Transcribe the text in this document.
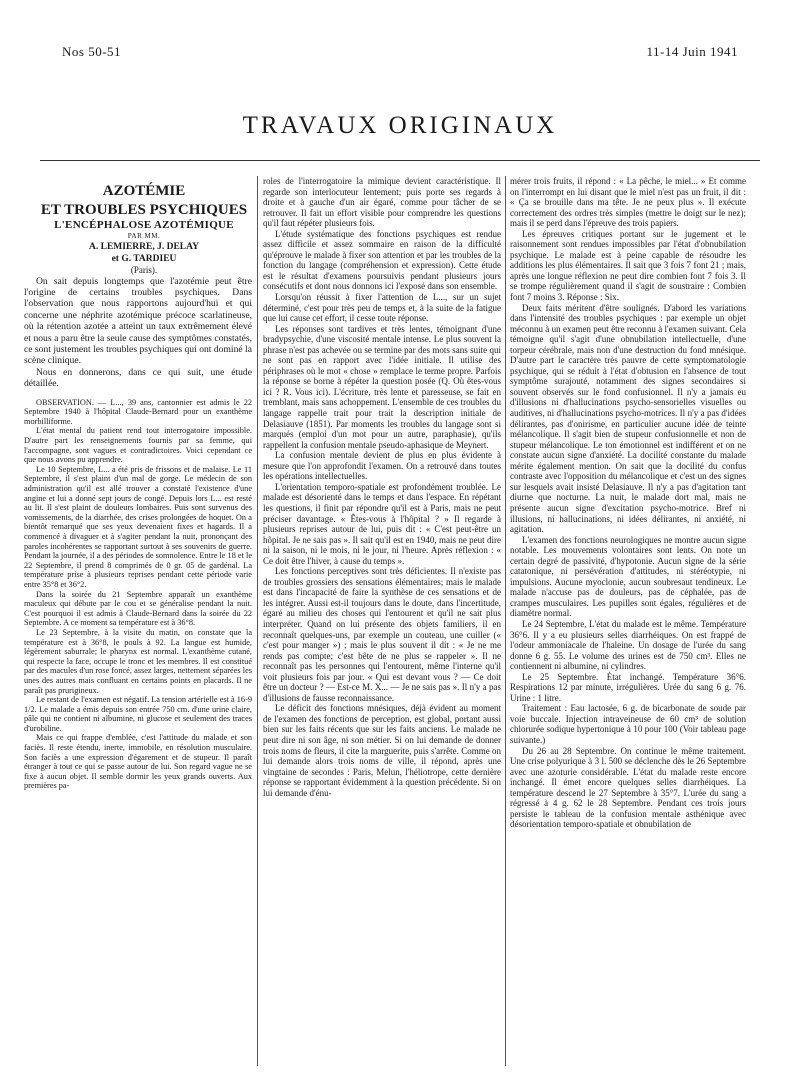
Nos 50-51	11-14 Juin 1941
TRAVAUX ORIGINAUX

AZOTÉMIE

ET TROUBLES PSYCHIQUES

L'ENCÉPHALOSE AZOTÉMIQUE

PAR MM.

A. LEMIERRE, J. DELAY

et G. TARDIEU

(Paris).

On sait depuis longtemps que l'azotémie peut être l'origine de certains troubles psychiques. Dans l'observation que nous rapportons aujourd'hui et qui concerne une néphrite azotémique précoce scarlatineuse, où la rétention azotée a atteint un taux extrêmement élevé et nous a paru être la seule cause des symptômes constatés, ce sont justement les troubles psychiques qui ont dominé la scène clinique.

Nous en donnerons, dans ce qui suit, une étude détaillée.

OBSERVATION. — L..., 39 ans, cantonnier est admis le 22 Septembre 1940 à l'hôpital Claude-Bernard pour un exanthème morbilliforme.

L'état mental du patient rend tout interrogatoire impossible. D'autre part les renseignements fournis par sa femme, qui l'accompagne, sont vagues et contradictoires. Voici cependant ce que nous avons pu apprendre.

Le 10 Septembre, L... a été pris de frissons et de malaise. Le 11 Septembre, il s'est plaint d'un mal de gorge. Le médecin de son administration qu'il est allé trouver a constaté l'existence d'une angine et lui a donné sept jours de congé. Depuis lors L... est resté au lit. Il s'est plaint de douleurs lombaires. Puis sont survenus des vomissements, de la diarrhée, des crises prolongées de hoquet. On a bientôt remarqué que ses yeux devenaient fixes et hagards. Il a commencé à divaguer et à s'agiter pendant la nuit, prononçant des paroles incohérentes se rapportant surtout à ses souvenirs de guerre. Pendant la journée, il a des périodes de somnolence. Entre le 18 et le 22 Septembre, il prend 8 comprimés de 0 gr. 05 de gardénal. La température prise à plusieurs reprises pendant cette période varie entre 35°8 et 36°2.

Dans la soirée du 21 Septembre apparaît un exanthème maculeux qui débute par le cou et se généralise pendant la nuit. C'est pourquoi il est admis à Claude-Bernard dans la soirée du 22 Septembre. A ce moment sa température est à 36°8.

Le 23 Septembre, à la visite du matin, on constate que la température est à 36°8, le pouls à 92. La langue est humide, légèrement saburrale; le pharynx est normal. L'exanthème cutané, qui respecte la face, occupe le tronc et les membres. Il est constitué par des macules d'un rose foncé, assez larges, nettement séparées les unes des autres mais confluant en certains points en placards. Il ne paraît pas prurigineux.

Le restant de l'examen est négatif. La tension artérielle est à 16-9 1/2. Le malade a émis depuis son entrée 750 cm. d'une urine claire, pâle qui ne contient ni albumine, ni glucose et seulement des traces d'urobiline.

Mais ce qui frappe d'emblée, c'est l'attitude du malade et son faciès. Il reste étendu, inerte, immobile, en résolution musculaire. Son faciès a une expression d'égarement et de stupeur. Il paraît étranger à tout ce qui se passe autour de lui. Son regard vague ne se fixe à aucun objet. Il semble dormir les yeux grands ouverts. Aux premières pa-

roles de l'interrogatoire la mimique devient caractéristique. Il regarde son interlocuteur lentement; puis porte ses regards à droite et à gauche d'un air égaré, comme pour tâcher de se retrouver. Il fait un effort visible pour comprendre les questions qu'il faut répéter plusieurs fois.

L'étude systématique des fonctions psychiques est rendue assez difficile et assez sommaire en raison de la difficulté qu'éprouve le malade à fixer son attention et par les troubles de la fonction du langage (compréhension et expression). Cette étude est le résultat d'examens poursuivis pendant plusieurs jours consécutifs et dont nous donnons ici l'exposé dans son ensemble.

Lorsqu'on réussit à fixer l'attention de L..., sur un sujet déterminé, c'est pour très peu de temps et, à la suite de la fatigue que lui cause cet effort, il cesse toute réponse.

Les réponses sont tardives et très lentes, témoignant d'une bradypsychie, d'une viscosité mentale intense. Le plus souvent la phrase n'est pas achevée ou se termine par des mots sans suite qui ne sont pas en rapport avec l'idée initiale. Il utilise des périphrases où le mot « chose » remplace le terme propre. Parfois la réponse se borne à répéter la question posée (Q. Où êtes-vous ici ? R. Vous ici). L'écriture, très lente et paresseuse, se fait en tremblant, mais sans achoppement. L'ensemble de ces troubles du langage rappelle trait pour trait la description initiale de Delasiauve (1851). Par moments les troubles du langage sont si marqués (emploi d'un mot pour un autre, paraphasie), qu'ils rappellent la confusion mentale pseudo-aphasique de Meynert.

La confusion mentale devient de plus en plus évidente à mesure que l'on approfondit l'examen. On a retrouvé dans toutes les opérations intellectuelles.

L'orientation temporo-spatiale est profondément troublée. Le malade est désorienté dans le temps et dans l'espace. En répétant les questions, il finit par répondre qu'il est à Paris, mais ne peut préciser davantage. « Êtes-vous à l'hôpital ? » Il regarde à plusieurs reprises autour de lui, puis dit : « C'est peut-être un hôpital. Je ne sais pas ». Il sait qu'il est en 1940, mais ne peut dire ni la saison, ni le mois, ni le jour, ni l'heure. Après réflexion : « Ce doit être l'hiver, à cause du temps ».

Les fonctions perceptives sont très déficientes. Il n'existe pas de troubles grossiers des sensations élémentaires; mais le malade est dans l'incapacité de faire la synthèse de ces sensations et de les intégrer. Aussi est-il toujours dans le doute, dans l'incertitude, égaré au milieu des choses qui l'entourent et qu'il ne sait plus interpréter. Quand on lui présente des objets familiers, il en reconnaît quelques-uns, par exemple un couteau, une cuiller (« c'est pour manger ») ; mais le plus souvent il dit : « Je ne me rends pas compte; c'est bête de ne plus se rappeler ». Il ne reconnaît pas les personnes qui l'entourent, même l'interne qu'il voit plusieurs fois par jour. « Qui est devant vous ? — Ce doit être un docteur ? — Est-ce M. X... — Je ne sais pas ». Il n'y a pas d'illusions de fausse reconnaissance.

Le déficit des fonctions mnésiques, déjà évident au moment de l'examen des fonctions de perception, est global, portant aussi bien sur les faits récents que sur les faits anciens. Le malade ne peut dire ni son âge, ni son métier. Si on lui demande de donner trois noms de fleurs, il cite la marguerite, puis s'arrête. Comme on lui demande alors trois noms de ville, il répond, après une vingtaine de secondes : Paris, Melun, l'héliotrope, cette dernière réponse se rapportant évidemment à la question précédente. Si on lui demande d'énu-

mérer trois fruits, il répond : « La pêche, le miel... » Et comme on l'interrompt en lui disant que le miel n'est pas un fruit, il dit : « Ça se brouille dans ma tête. Je ne peux plus ». Il exécute correctement des ordres très simples (mettre le doigt sur le nez); mais il se perd dans l'épreuve des trois papiers.

Les épreuves critiques portant sur le jugement et le raisonnement sont rendues impossibles par l'état d'obnubilation psychique. Le malade est à peine capable de résoudre les additions les plus élémentaires. Il sait que 3 fois 7 font 21 ; mais, après une longue réflexion ne peut dire combien font 7 fois 3. Il se trompe régulièrement quand il s'agit de soustraire : Combien font 7 moins 3. Réponse : Six.

Deux faits méritent d'être soulignés. D'abord les variations dans l'intensité des troubles psychiques : par exemple un objet méconnu à un examen peut être reconnu à l'examen suivant. Cela témoigne qu'il s'agit d'une obnubilation intellectuelle, d'une torpeur cérébrale, mais non d'une destruction du fond mnésique. D'autre part le caractère très pauvre de cette symptomatologie psychique, qui se réduit à l'état d'obtusion en l'absence de tout symptôme surajouté, notamment des signes secondaires si souvent observés sur le fond confusionnel. Il n'y a jamais eu d'illusions ni d'hallucinations psycho-sensorielles visuelles ou auditives, ni d'hallucinations psycho-motrices. Il n'y a pas d'idées délirantes, pas d'onirisme, en particulier aucune idée de teinte mélancolique. Il s'agit bien de stupeur confusionnelle et non de stupeur mélancolique. Le ton émotionnel est indifférent et on ne constate aucun signe d'anxiété. La docilité constante du malade mérite également mention. On sait que la docilité du confus contraste avec l'opposition du mélancolique et c'est un des signes sur lesquels avait insisté Delasiauve. Il n'y a pas d'agitation tant diurne que nocturne. La nuit, le malade dort mal, mais ne présente aucun signe d'excitation psycho-motrice. Bref ni illusions, ni hallucinations, ni idées délirantes, ni anxiété, ni agitation.

L'examen des fonctions neurologiques ne montre aucun signe notable. Les mouvements volontaires sont lents. On note un certain degré de passivité, d'hypotonie. Aucun signe de la série catatonique, ni persévération d'attitudes, ni stéréotypie, ni impulsions. Aucune myoclonie, aucun soubresaut tendineux. Le malade n'accuse pas de douleurs, pas de céphalée, pas de crampes musculaires. Les pupilles sont égales, régulières et de diamètre normal.

Le 24 Septembre, L'état du malade est le même. Température 36°6. Il y a eu plusieurs selles diarrhéiques. On est frappé de l'odeur ammoniacale de l'haleine. Un dosage de l'urée du sang donne 6 g. 55. Le volume des urines est de 750 cm³. Elles ne contiennent ni albumine, ni cylindres.

Le 25 Septembre. État inchangé. Température 36°6. Respirations 12 par minute, irrégulières. Urée du sang 6 g. 76. Urine : 1 litre.

Traitement : Eau lactosée, 6 g. de bicarbonate de soude par voie buccale. Injection intraveineuse de 60 cm³ de solution chlorurée sodique hypertonique à 10 pour 100 (Voir tableau page suivante.)

Du 26 au 28 Septembre. On continue le même traitement. Une crise polyurique à 3 l. 500 se déclenche dès le 26 Septembre avec une azoturie considérable. L'état du malade reste encore inchangé. Il émet encore quelques selles diarrhéiques. La température descend le 27 Septembre à 35°7. L'urée du sang a régressé à 4 g. 62 le 28 Septembre. Pendant ces trois jours persiste le tableau de la confusion mentale asthénique avec désorientation temporo-spatiale et obnubilation de
